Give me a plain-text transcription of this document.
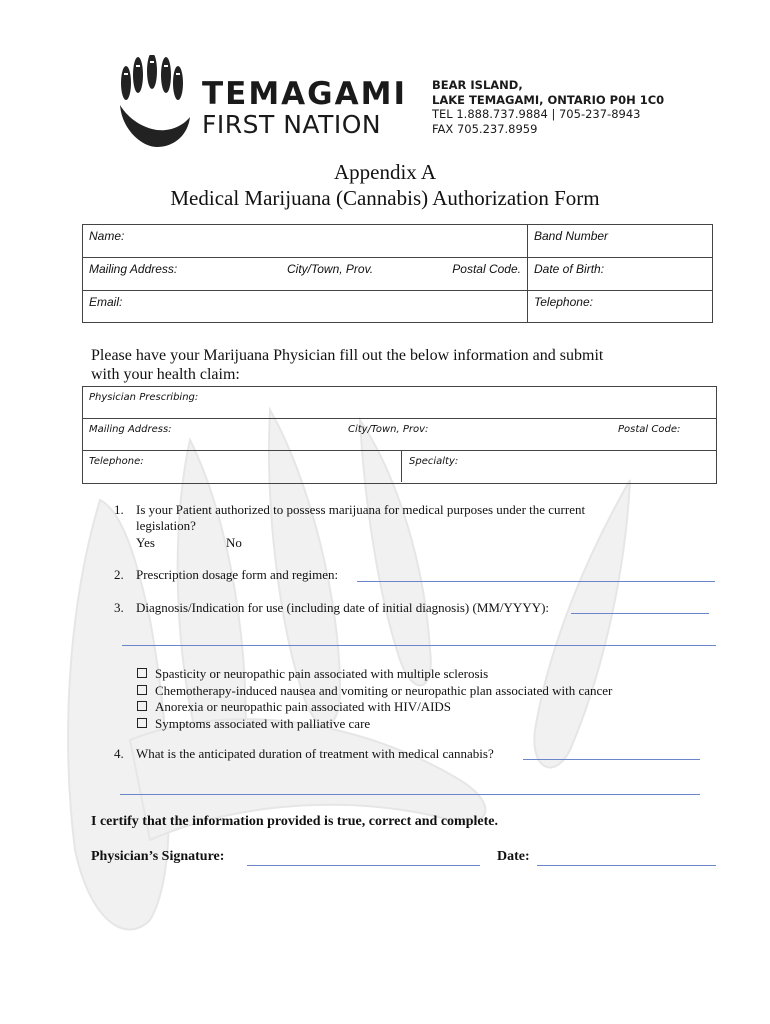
TEMAGAMI
FIRST NATION
BEAR ISLAND,
LAKE TEMAGAMI, ONTARIO P0H 1C0
TEL 1.888.737.9884 | 705-237-8943
FAX 705.237.8959
Appendix A
Medical Marijuana (Cannabis) Authorization Form
Name:			Band Number
Mailing Address:	City/Town, Prov.	Postal Code.	Date of Birth:
Email:			Telephone:
Please have your Marijuana Physician fill out the below information and submit
with your health claim:
Physician Prescribing:
Mailing Address:	City/Town, Prov:	Postal Code:
Telephone:	Specialty:
1. Is your Patient authorized to possess marijuana for medical purposes under the current
legislation?
Yes	No
2. Prescription dosage form and regimen:
3. Diagnosis/Indication for use (including date of initial diagnosis) (MM/YYYY):
Spasticity or neuropathic pain associated with multiple sclerosis
Chemotherapy-induced nausea and vomiting or neuropathic plan associated with cancer
Anorexia or neuropathic pain associated with HIV/AIDS
Symptoms associated with palliative care
4. What is the anticipated duration of treatment with medical cannabis?
I certify that the information provided is true, correct and complete.
Physician’s Signature:	Date:
